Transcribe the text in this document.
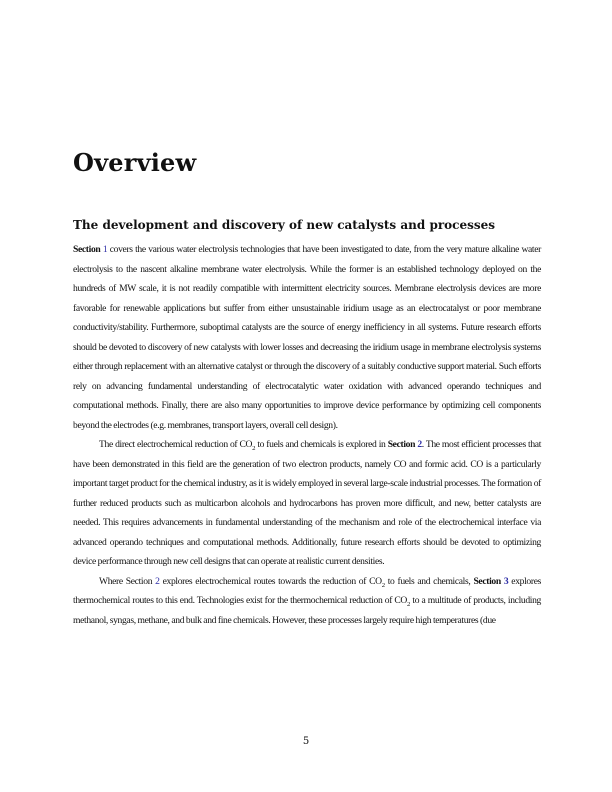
Overview
The development and discovery of new catalysts and processes

Section 1 covers the various water electrolysis technologies that have been investigated to date, from the very mature alkaline water electrolysis to the nascent alkaline membrane water electrolysis. While the former is an established technology deployed on the hundreds of MW scale, it is not readily compatible with intermittent electricity sources. Membrane electrolysis devices are more favorable for renewable applications but suffer from either unsustainable iridium usage as an electrocatalyst or poor membrane conductivity/stability. Furthermore, suboptimal catalysts are the source of energy inefficiency in all systems. Future research efforts should be devoted to discovery of new catalysts with lower losses and decreasing the iridium usage in membrane electrolysis systems either through replacement with an alternative catalyst or through the discovery of a suitably conductive support material. Such efforts rely on advancing fundamental understanding of electrocatalytic water oxidation with advanced operando techniques and computational methods. Finally, there are also many opportunities to improve device performance by optimizing cell components beyond the electrodes (e.g. membranes, transport layers, overall cell design).

The direct electrochemical reduction of $CO_2$ to fuels and chemicals is explored in Section 2. The most efficient processes that have been demonstrated in this field are the generation of two electron products, namely CO and formic acid. CO is a particularly important target product for the chemical industry, as it is widely employed in several large-scale industrial processes. The formation of further reduced products such as multicarbon alcohols and hydrocarbons has proven more difficult, and new, better catalysts are needed. This requires advancements in fundamental understanding of the mechanism and role of the electrochemical interface via advanced operando techniques and computational methods. Additionally, future research efforts should be devoted to optimizing device performance through new cell designs that can operate at realistic current densities.

Where Section 2 explores electrochemical routes towards the reduction of $CO_2$ to fuels and chemicals, Section 3 explores thermochemical routes to this end. Technologies exist for the thermochemical reduction of $CO_2$ to a multitude of products, including methanol, syngas, methane, and bulk and fine chemicals. However, these processes largely require high temperatures (due

5
